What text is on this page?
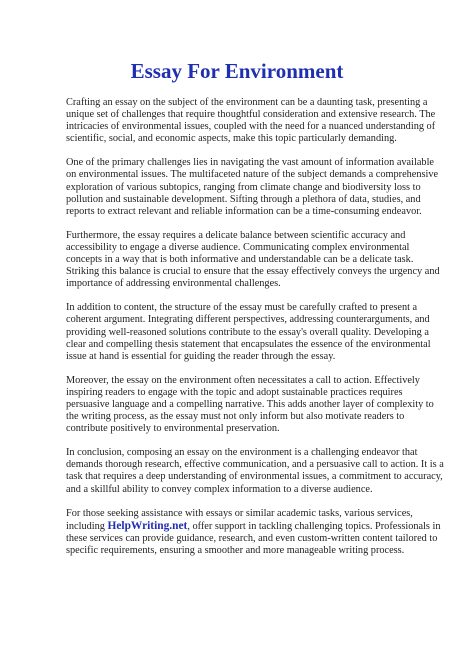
Essay For Environment

Crafting an essay on the subject of the environment can be a daunting task, presenting a unique set of challenges that require thoughtful consideration and extensive research. The intricacies of environmental issues, coupled with the need for a nuanced understanding of scientific, social, and economic aspects, make this topic particularly demanding.

One of the primary challenges lies in navigating the vast amount of information available on environmental issues. The multifaceted nature of the subject demands a comprehensive exploration of various subtopics, ranging from climate change and biodiversity loss to pollution and sustainable development. Sifting through a plethora of data, studies, and reports to extract relevant and reliable information can be a time-consuming endeavor.

Furthermore, the essay requires a delicate balance between scientific accuracy and accessibility to engage a diverse audience. Communicating complex environmental concepts in a way that is both informative and understandable can be a delicate task. Striking this balance is crucial to ensure that the essay effectively conveys the urgency and importance of addressing environmental challenges.

In addition to content, the structure of the essay must be carefully crafted to present a coherent argument. Integrating different perspectives, addressing counterarguments, and providing well-reasoned solutions contribute to the essay's overall quality. Developing a clear and compelling thesis statement that encapsulates the essence of the environmental issue at hand is essential for guiding the reader through the essay.

Moreover, the essay on the environment often necessitates a call to action. Effectively inspiring readers to engage with the topic and adopt sustainable practices requires persuasive language and a compelling narrative. This adds another layer of complexity to the writing process, as the essay must not only inform but also motivate readers to contribute positively to environmental preservation.

In conclusion, composing an essay on the environment is a challenging endeavor that demands thorough research, effective communication, and a persuasive call to action. It is a task that requires a deep understanding of environmental issues, a commitment to accuracy, and a skillful ability to convey complex information to a diverse audience.

For those seeking assistance with essays or similar academic tasks, various services, including HelpWriting.net, offer support in tackling challenging topics. Professionals in these services can provide guidance, research, and even custom-written content tailored to specific requirements, ensuring a smoother and more manageable writing process.
